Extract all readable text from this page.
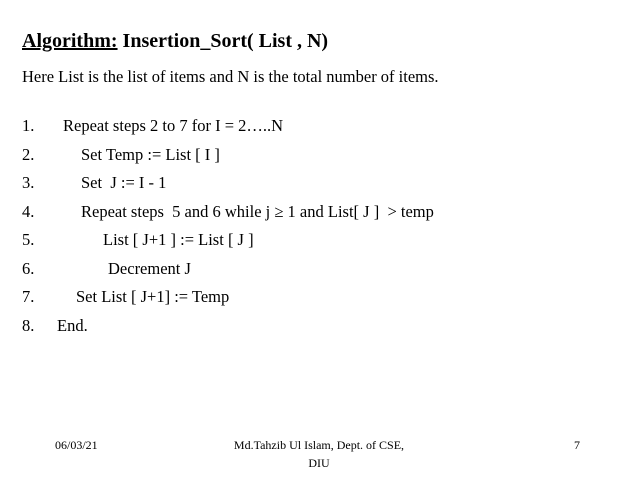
Algorithm: Insertion_Sort( List , N)
Here List is the list of items and N is the total number of items.
1. Repeat steps 2 to 7 for I = 2…..N
2.	Set Temp := List [ I ]
3.	Set  J := I - 1
4.	Repeat steps  5 and 6 while j ≥ 1 and List[ J ]  > temp
5.	List [ J+1 ] := List [ J ]
6.	Decrement J
7.	Set List [ J+1] := Temp
8. End.
06/03/21	Md.Tahzib Ul Islam, Dept. of CSE, DIU
7
